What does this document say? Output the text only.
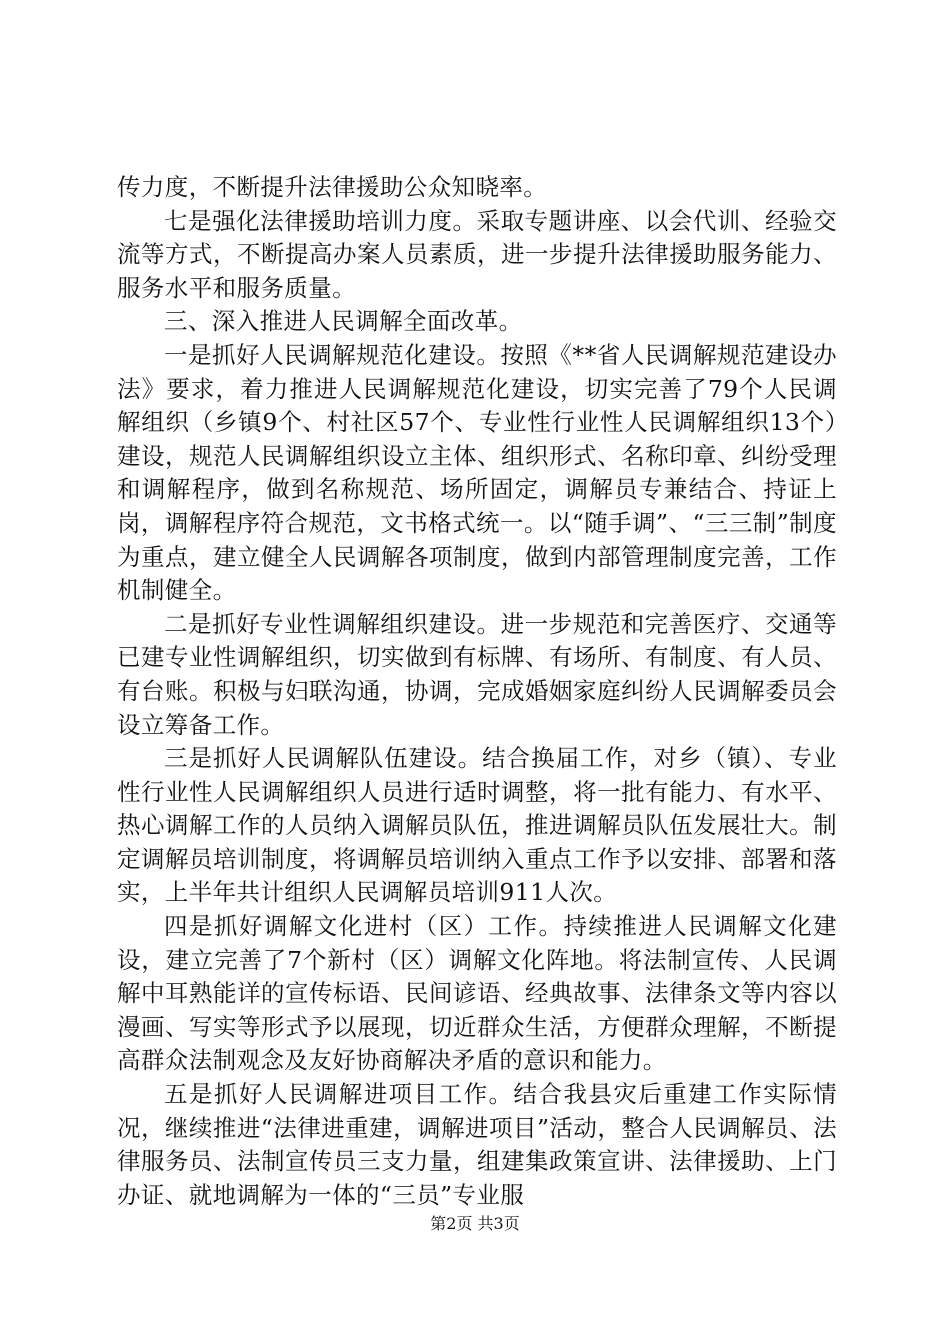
传力度，不断提升法律援助公众知晓率。

七是强化法律援助培训力度。采取专题讲座、以会代训、经验交流等方式，不断提高办案人员素质，进一步提升法律援助服务能力、服务水平和服务质量。

三、深入推进人民调解全面改革。

一是抓好人民调解规范化建设。按照《**省人民调解规范建设办法》要求，着力推进人民调解规范化建设，切实完善了79个人民调解组织（乡镇9个、村社区57个、专业性行业性人民调解组织13个）建设，规范人民调解组织设立主体、组织形式、名称印章、纠纷受理和调解程序，做到名称规范、场所固定，调解员专兼结合、持证上岗，调解程序符合规范，文书格式统一。以“随手调”、“三三制”制度为重点，建立健全人民调解各项制度，做到内部管理制度完善，工作机制健全。

二是抓好专业性调解组织建设。进一步规范和完善医疗、交通等已建专业性调解组织，切实做到有标牌、有场所、有制度、有人员、有台账。积极与妇联沟通，协调，完成婚姻家庭纠纷人民调解委员会设立筹备工作。

三是抓好人民调解队伍建设。结合换届工作，对乡（镇）、专业性行业性人民调解组织人员进行适时调整，将一批有能力、有水平、热心调解工作的人员纳入调解员队伍，推进调解员队伍发展壮大。制定调解员培训制度，将调解员培训纳入重点工作予以安排、部署和落实，上半年共计组织人民调解员培训911人次。

四是抓好调解文化进村（区）工作。持续推进人民调解文化建设，建立完善了7个新村（区）调解文化阵地。将法制宣传、人民调解中耳熟能详的宣传标语、民间谚语、经典故事、法律条文等内容以漫画、写实等形式予以展现，切近群众生活，方便群众理解，不断提高群众法制观念及友好协商解决矛盾的意识和能力。

五是抓好人民调解进项目工作。结合我县灾后重建工作实际情况，继续推进“法律进重建，调解进项目”活动，整合人民调解员、法律服务员、法制宣传员三支力量，组建集政策宣讲、法律援助、上门办证、就地调解为一体的“三员”专业服

第2页 共3页
